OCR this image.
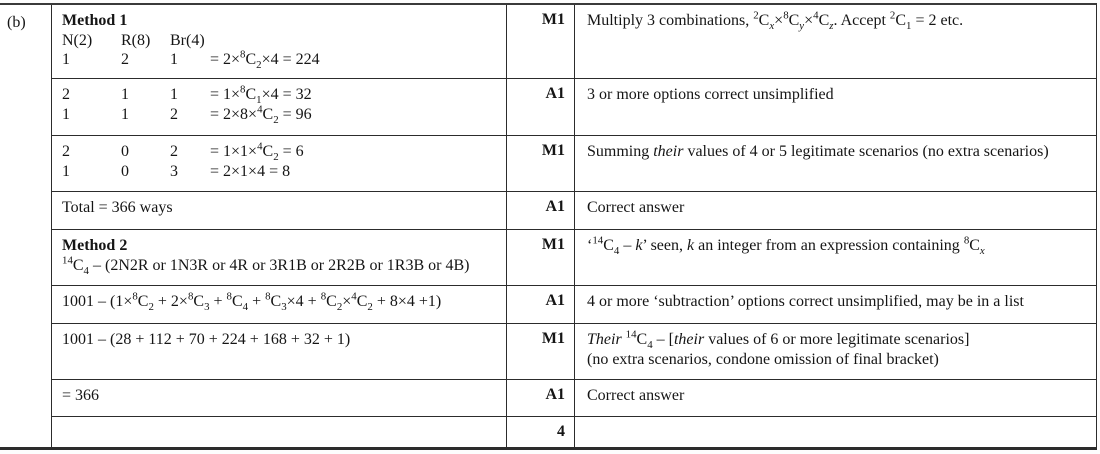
(b)	Method 1
N(2)	R(8)	Br(4)
1	2	1	= $2\times^8C_2\times 4 = 224$
M1	Multiply 3 combinations, $^2C_x\times^8C_y\times^4C_z$. Accept $^2C_1 = 2$ etc.
2	1	1	= $1\times^8C_1\times 4 = 32$
1	1	2	= $2\times 8\times^4C_2 = 96$
A1	3 or more options correct unsimplified
2	0	2	= $1\times 1\times^4C_2 = 6$
1	0	3	= 2×1×4 = 8
M1	Summing their values of 4 or 5 legitimate scenarios (no extra scenarios)
Total = 366 ways	A1	Correct answer
Method 2
$^{14}C_4 - (2N2R$ or 1N3R or 4R or 3R1B or 2R2B or 1R3B or 4B)
M1	‘$^{14}C_4$ – k’ seen, k an integer from an expression containing $^8C_x$
$1001 - (1\times^8C_2 + 2\times^8C_3 + ^8C_4 + ^8C_3\times 4 + ^8C_2\times^4C_2 + 8\times 4 +1)$	A1	4 or more ‘subtraction’ options correct unsimplified, may be in a list
1001 – (28 + 112 + 70 + 224 + 168 + 32 + 1)	M1	Their $^{14}C_4$ – [their values of 6 or more legitimate scenarios]
(no extra scenarios, condone omission of final bracket)
= 366	A1	Correct answer
4
